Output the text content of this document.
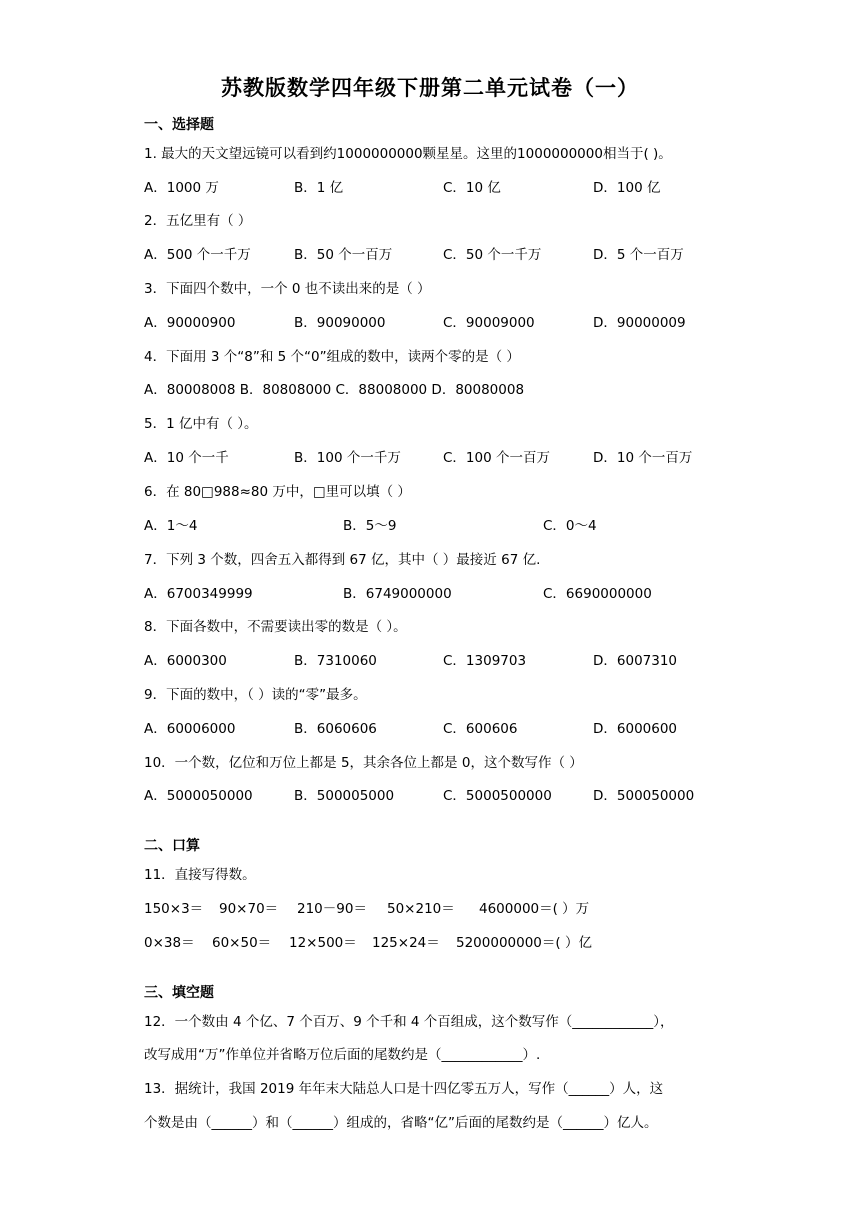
苏教版数学四年级下册第二单元试卷（一）
一、选择题
1. 最大的天文望远镜可以看到约1000000000颗星星。这里的1000000000相当于( )。
A．1000 万	B．1 亿	C．10 亿	D．100 亿
2．五亿里有（ ）
A．500 个一千万	B．50 个一百万	C．50 个一千万	D．5 个一百万
3．下面四个数中，一个 0 也不读出来的是（ ）
A．90000900	B．90090000	C．90009000	D．90000009
4．下面用 3 个“8”和 5 个“0”组成的数中，读两个零的是（ ）
A．80008008 B．80808000 C．88008000 D．80080008
5．1 亿中有（ ）。
A．10 个一千	B．100 个一千万	C．100 个一百万	D．10 个一百万
6．在 80□988≈80 万中，□里可以填（ ）
A．1～4	B．5～9	C．0～4
7．下列 3 个数，四舍五入都得到 67 亿，其中（ ）最接近 67 亿.
A．6700349999	B．6749000000	C．6690000000
8．下面各数中，不需要读出零的数是（ ）。
A．6000300	B．7310060	C．1309703	D．6007310
9．下面的数中，（ ）读的“零”最多。
A．60006000	B．6060606	C．600606	D．6000600
10．一个数，亿位和万位上都是 5，其余各位上都是 0，这个数写作（ ）
A．5000050000	B．500005000	C．5000500000	D．500050000
二、口算
11．直接写得数。
150×3＝ 90×70＝ 210－90＝ 50×210＝ 4600000＝( ）万
0×38＝ 60×50＝ 12×500＝ 125×24＝ 5200000000＝( ）亿
三、填空题
12．一个数由 4 个亿、7 个百万、9 个千和 4 个百组成，这个数写作（____________），
改写成用“万”作单位并省略万位后面的尾数约是（____________）.
13．据统计，我国 2019 年年末大陆总人口是十四亿零五万人，写作（______）人，这
个数是由（______）和（______）组成的，省略“亿”后面的尾数约是（______）亿人。
